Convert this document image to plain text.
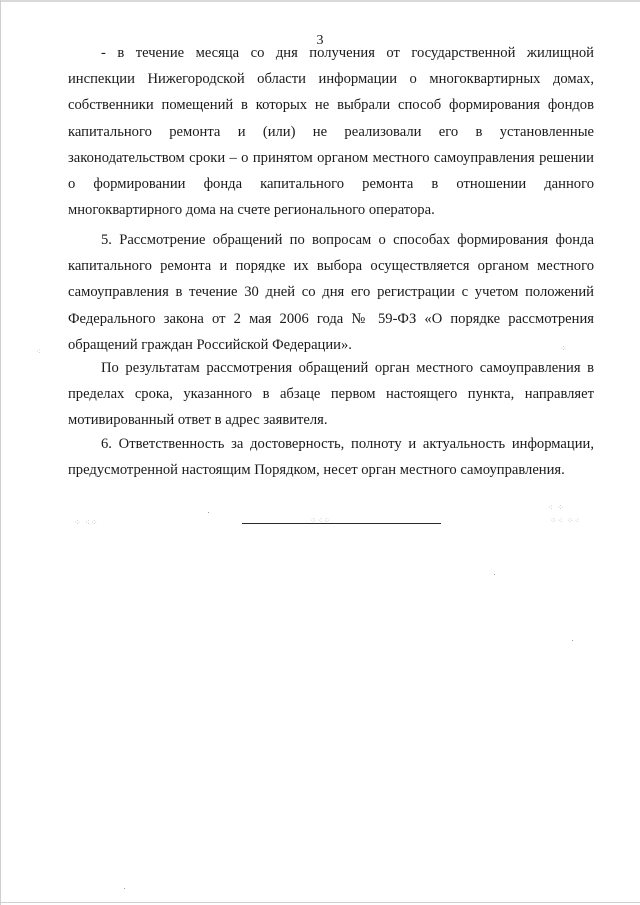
3

- в течение месяца со дня получения от государственной жилищной инспекции Нижегородской области информации о многоквартирных домах, собственники помещений в которых не выбрали способ формирования фондов капитального ремонта и (или) не реализовали его в установленные законодательством сроки – о принятом органом местного самоуправления решении о формировании фонда капитального ремонта в отношении данного многоквартирного дома на счете регионального оператора.

5. Рассмотрение обращений по вопросам о способах формирования фонда капитального ремонта и порядке их выбора осуществляется органом местного самоуправления в течение 30 дней со дня его регистрации с учетом положений Федерального закона от 2 мая 2006 года № 59-ФЗ «О порядке рассмотрения обращений граждан Российской Федерации».

По результатам рассмотрения обращений орган местного самоуправления в пределах срока, указанного в абзаце первом настоящего пункта, направляет мотивированный ответ в адрес заявителя.

6. Ответственность за достоверность, полноту и актуальность информации, предусмотренной настоящим Порядком, несет орган местного самоуправления.

⁘ ⁖⁘
⁖ ⁘
⁘⁖ ⁘⁖
⁖	⁘
⁘⁖⁘
